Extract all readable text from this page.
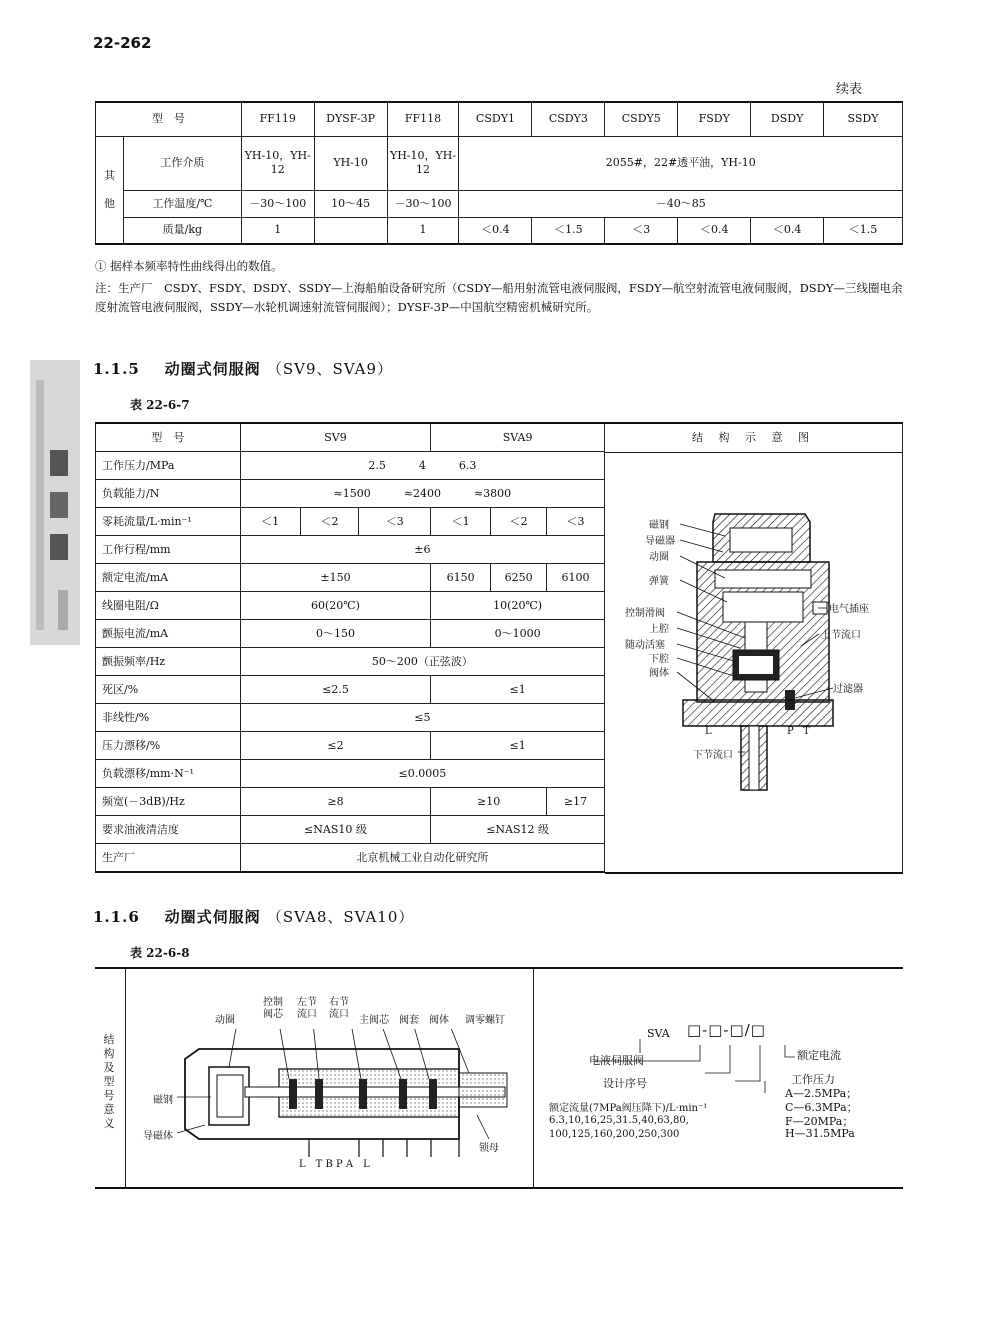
22-262
续表
型　号		FF119	DYSF-3P	FF118	CSDY1	CSDY3	CSDY5	FSDY	DSDY	SSDY
其他	工作介质	YH-10，YH-12	YH-10	YH-10，YH-12	2055#，22#透平油，YH-10					
	工作温度/℃	－30～100	10～45	－30～100	－40～85					
	质量/kg	1		1	＜0.4	＜1.5	＜3	＜0.4	＜0.4	＜1.5
① 据样本频率特性曲线得出的数值。
注：生产厂　CSDY、FSDY、DSDY、SSDY—上海船舶设备研究所（CSDY—船用射流管电液伺服阀，FSDY—航空射流管电液伺服阀，DSDY—三线圈电余度射流管电液伺服阀，SSDY—水轮机调速射流管伺服阀）；DYSF-3P—中国航空精密机械研究所。
1.1.5 动圈式伺服阀 （SV9、SVA9）
表 22-6-7
型　号	SV9			SVA9		
工作压力/MPa	2.5　　　4　　　6.3					
负载能力/N	≈1500　　　≈2400　　　≈3800					
零耗流量/L·min⁻¹	＜1	＜2	＜3	＜1	＜2	＜3
工作行程/mm	±6					
额定电流/mA	±150			6150	6250	6100
线圈电阻/Ω	60(20℃)			10(20℃)		
颤振电流/mA	0～150			0～1000		
颤振频率/Hz	50～200（正弦波）					
死区/%	≤2.5			≤1		
非线性/%	≤5					
压力漂移/%	≤2			≤1		
负载漂移/mm·N⁻¹	≤0.0005					
频宽(－3dB)/Hz	≥8			≥10		≥17
要求油液清洁度	≤NAS10 级			≤NAS12 级		
生产厂	北京机械工业自动化研究所					
结 构 示 意 图
磁钢
导磁器
动圈
弹簧
控制滑阀
上腔
随动活塞
下腔
阀体
电气插座
上节流口
过滤器
下节流口
L	P T
1.1.6 动圈式伺服阀 （SVA8、SVA10）
表 22-6-8
结构及型号意义
动圈
控制阀芯
左节流口
右节流口
主阀芯 阀套 阀体 调零螺钉
磁钢
导磁体
锁母
L　T B P A　L
SVA □-□-□/□
电液伺服阀
设计序号
额定电流
工作压力
A—2.5MPa；
C—6.3MPa；
F—20MPa；
H—31.5MPa
额定流量(7MPa阀压降下)/L·min⁻¹
6.3,10,16,25,31.5,40,63,80,
100,125,160,200,250,300
